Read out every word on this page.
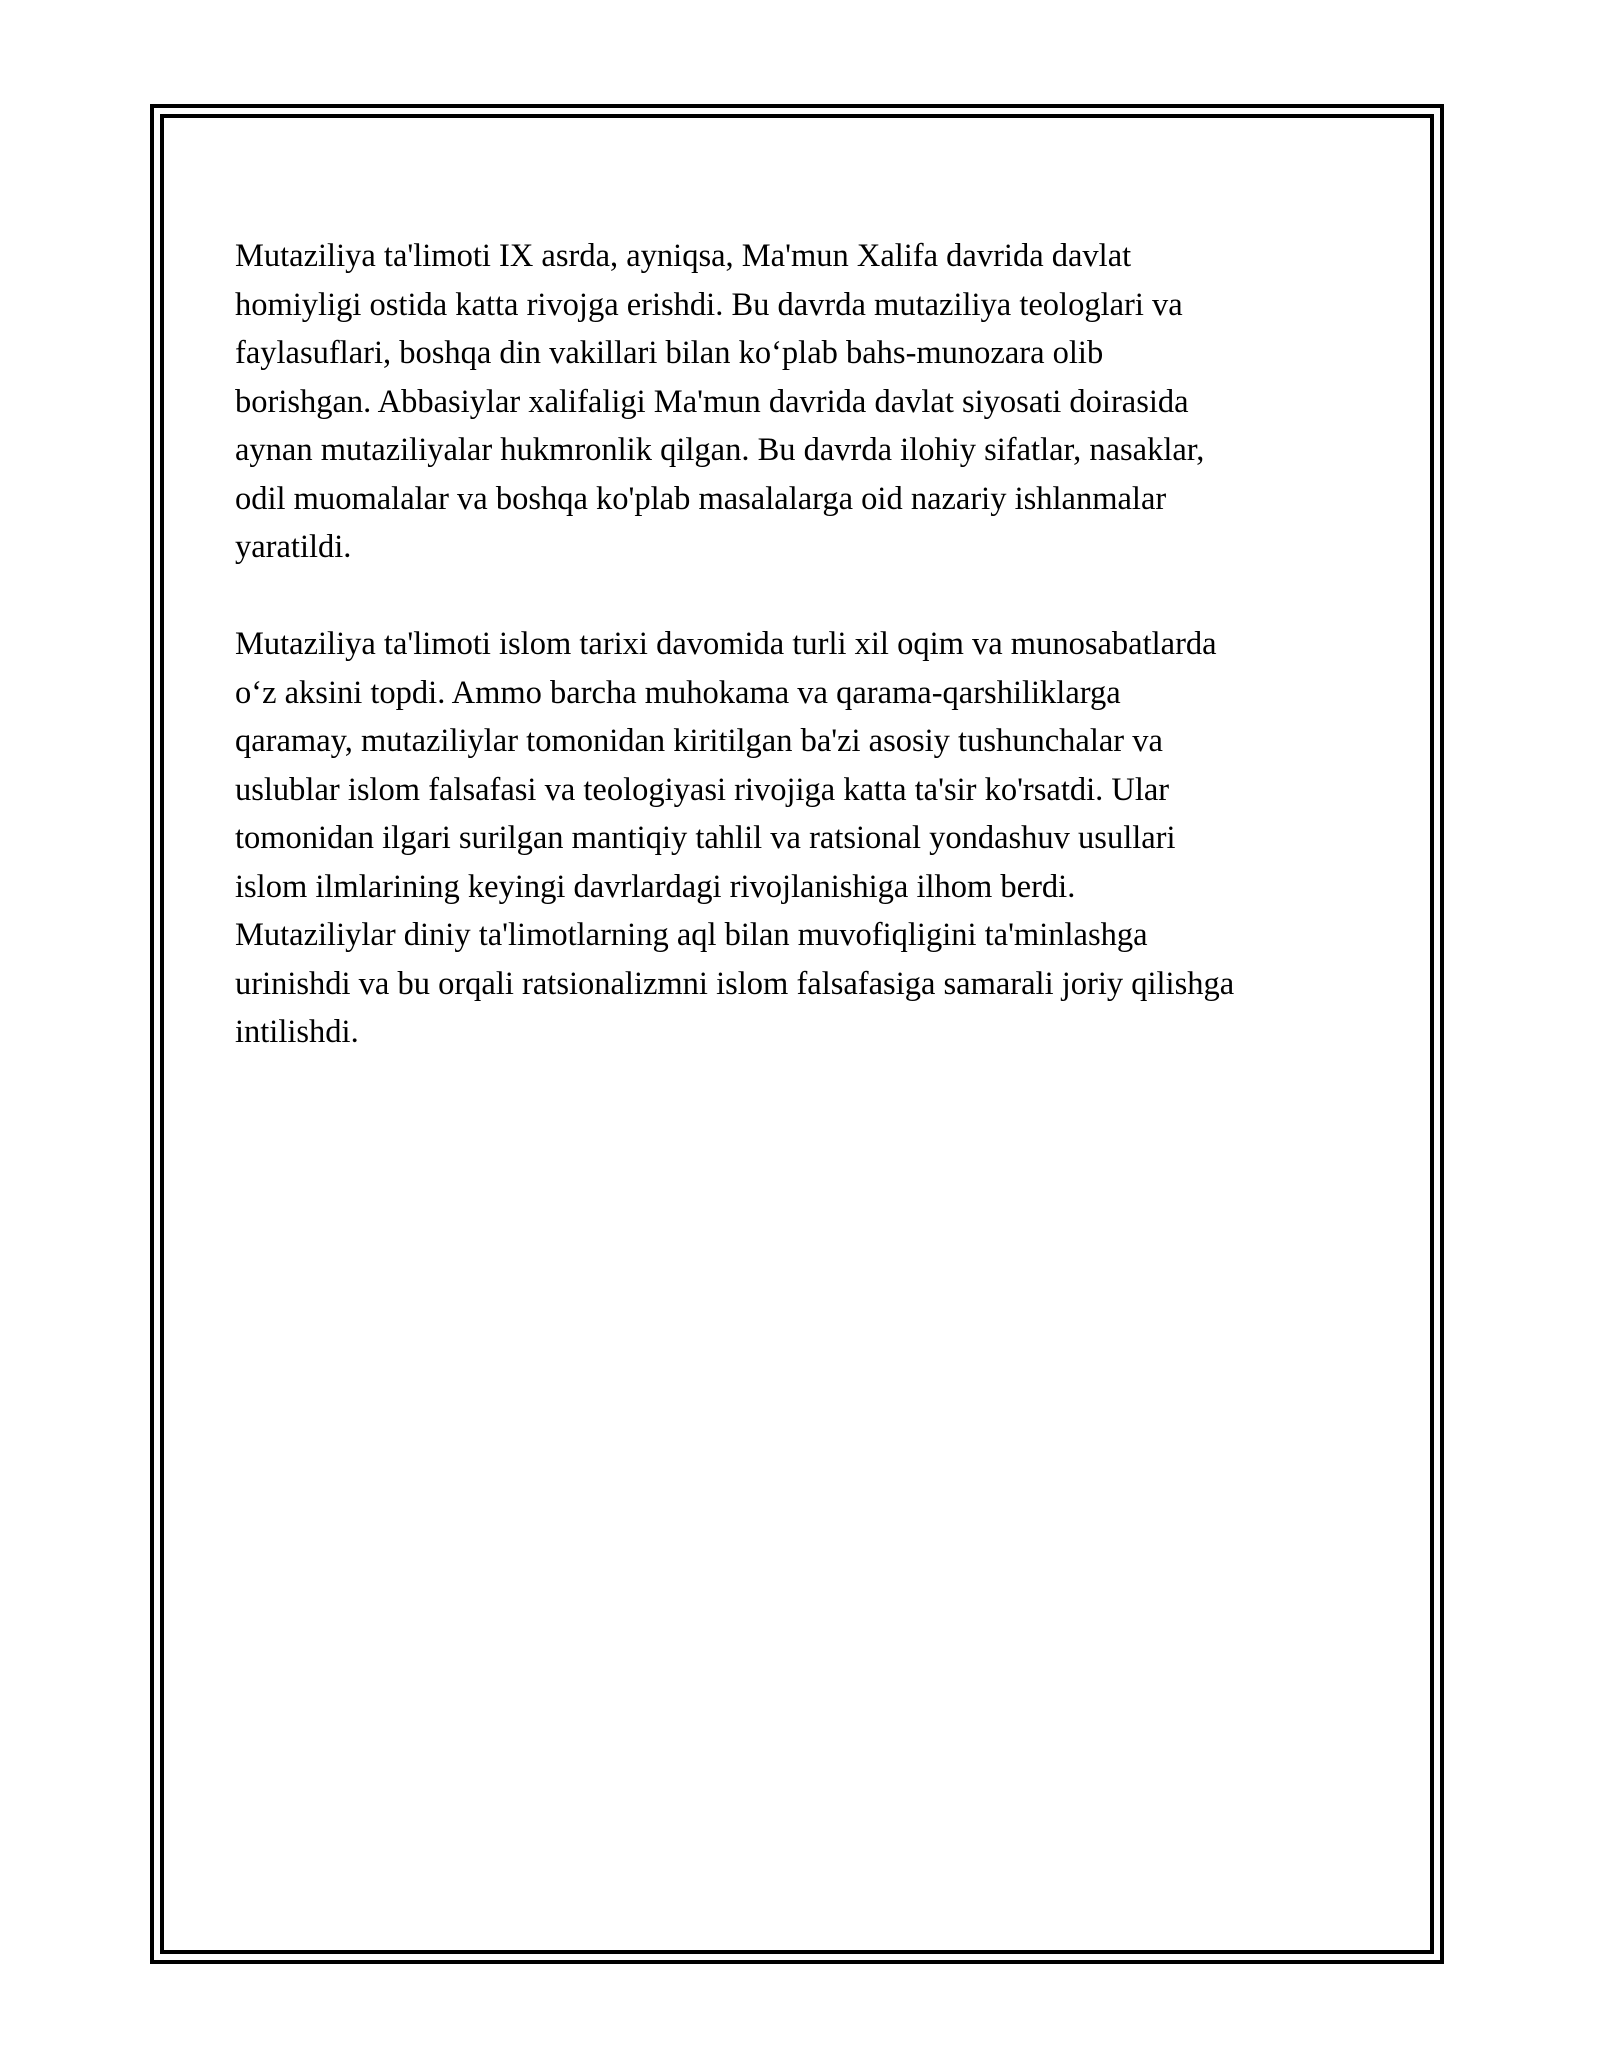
Mutaziliya ta'limoti IX asrda, ayniqsa, Ma'mun Xalifa davrida davlat
homiyligi ostida katta rivojga erishdi. Bu davrda mutaziliya teologlari va
faylasuflari, boshqa din vakillari bilan ko‘plab bahs-munozara olib
borishgan. Abbasiylar xalifaligi Ma'mun davrida davlat siyosati doirasida
aynan mutaziliyalar hukmronlik qilgan. Bu davrda ilohiy sifatlar, nasaklar,
odil muomalalar va boshqa ko'plab masalalarga oid nazariy ishlanmalar
yaratildi.

Mutaziliya ta'limoti islom tarixi davomida turli xil oqim va munosabatlarda
o‘z aksini topdi. Ammo barcha muhokama va qarama-qarshiliklarga
qaramay, mutaziliylar tomonidan kiritilgan ba'zi asosiy tushunchalar va
uslublar islom falsafasi va teologiyasi rivojiga katta ta'sir ko'rsatdi. Ular
tomonidan ilgari surilgan mantiqiy tahlil va ratsional yondashuv usullari
islom ilmlarining keyingi davrlardagi rivojlanishiga ilhom berdi.
Mutaziliylar diniy ta'limotlarning aql bilan muvofiqligini ta'minlashga
urinishdi va bu orqali ratsionalizmni islom falsafasiga samarali joriy qilishga
intilishdi.
